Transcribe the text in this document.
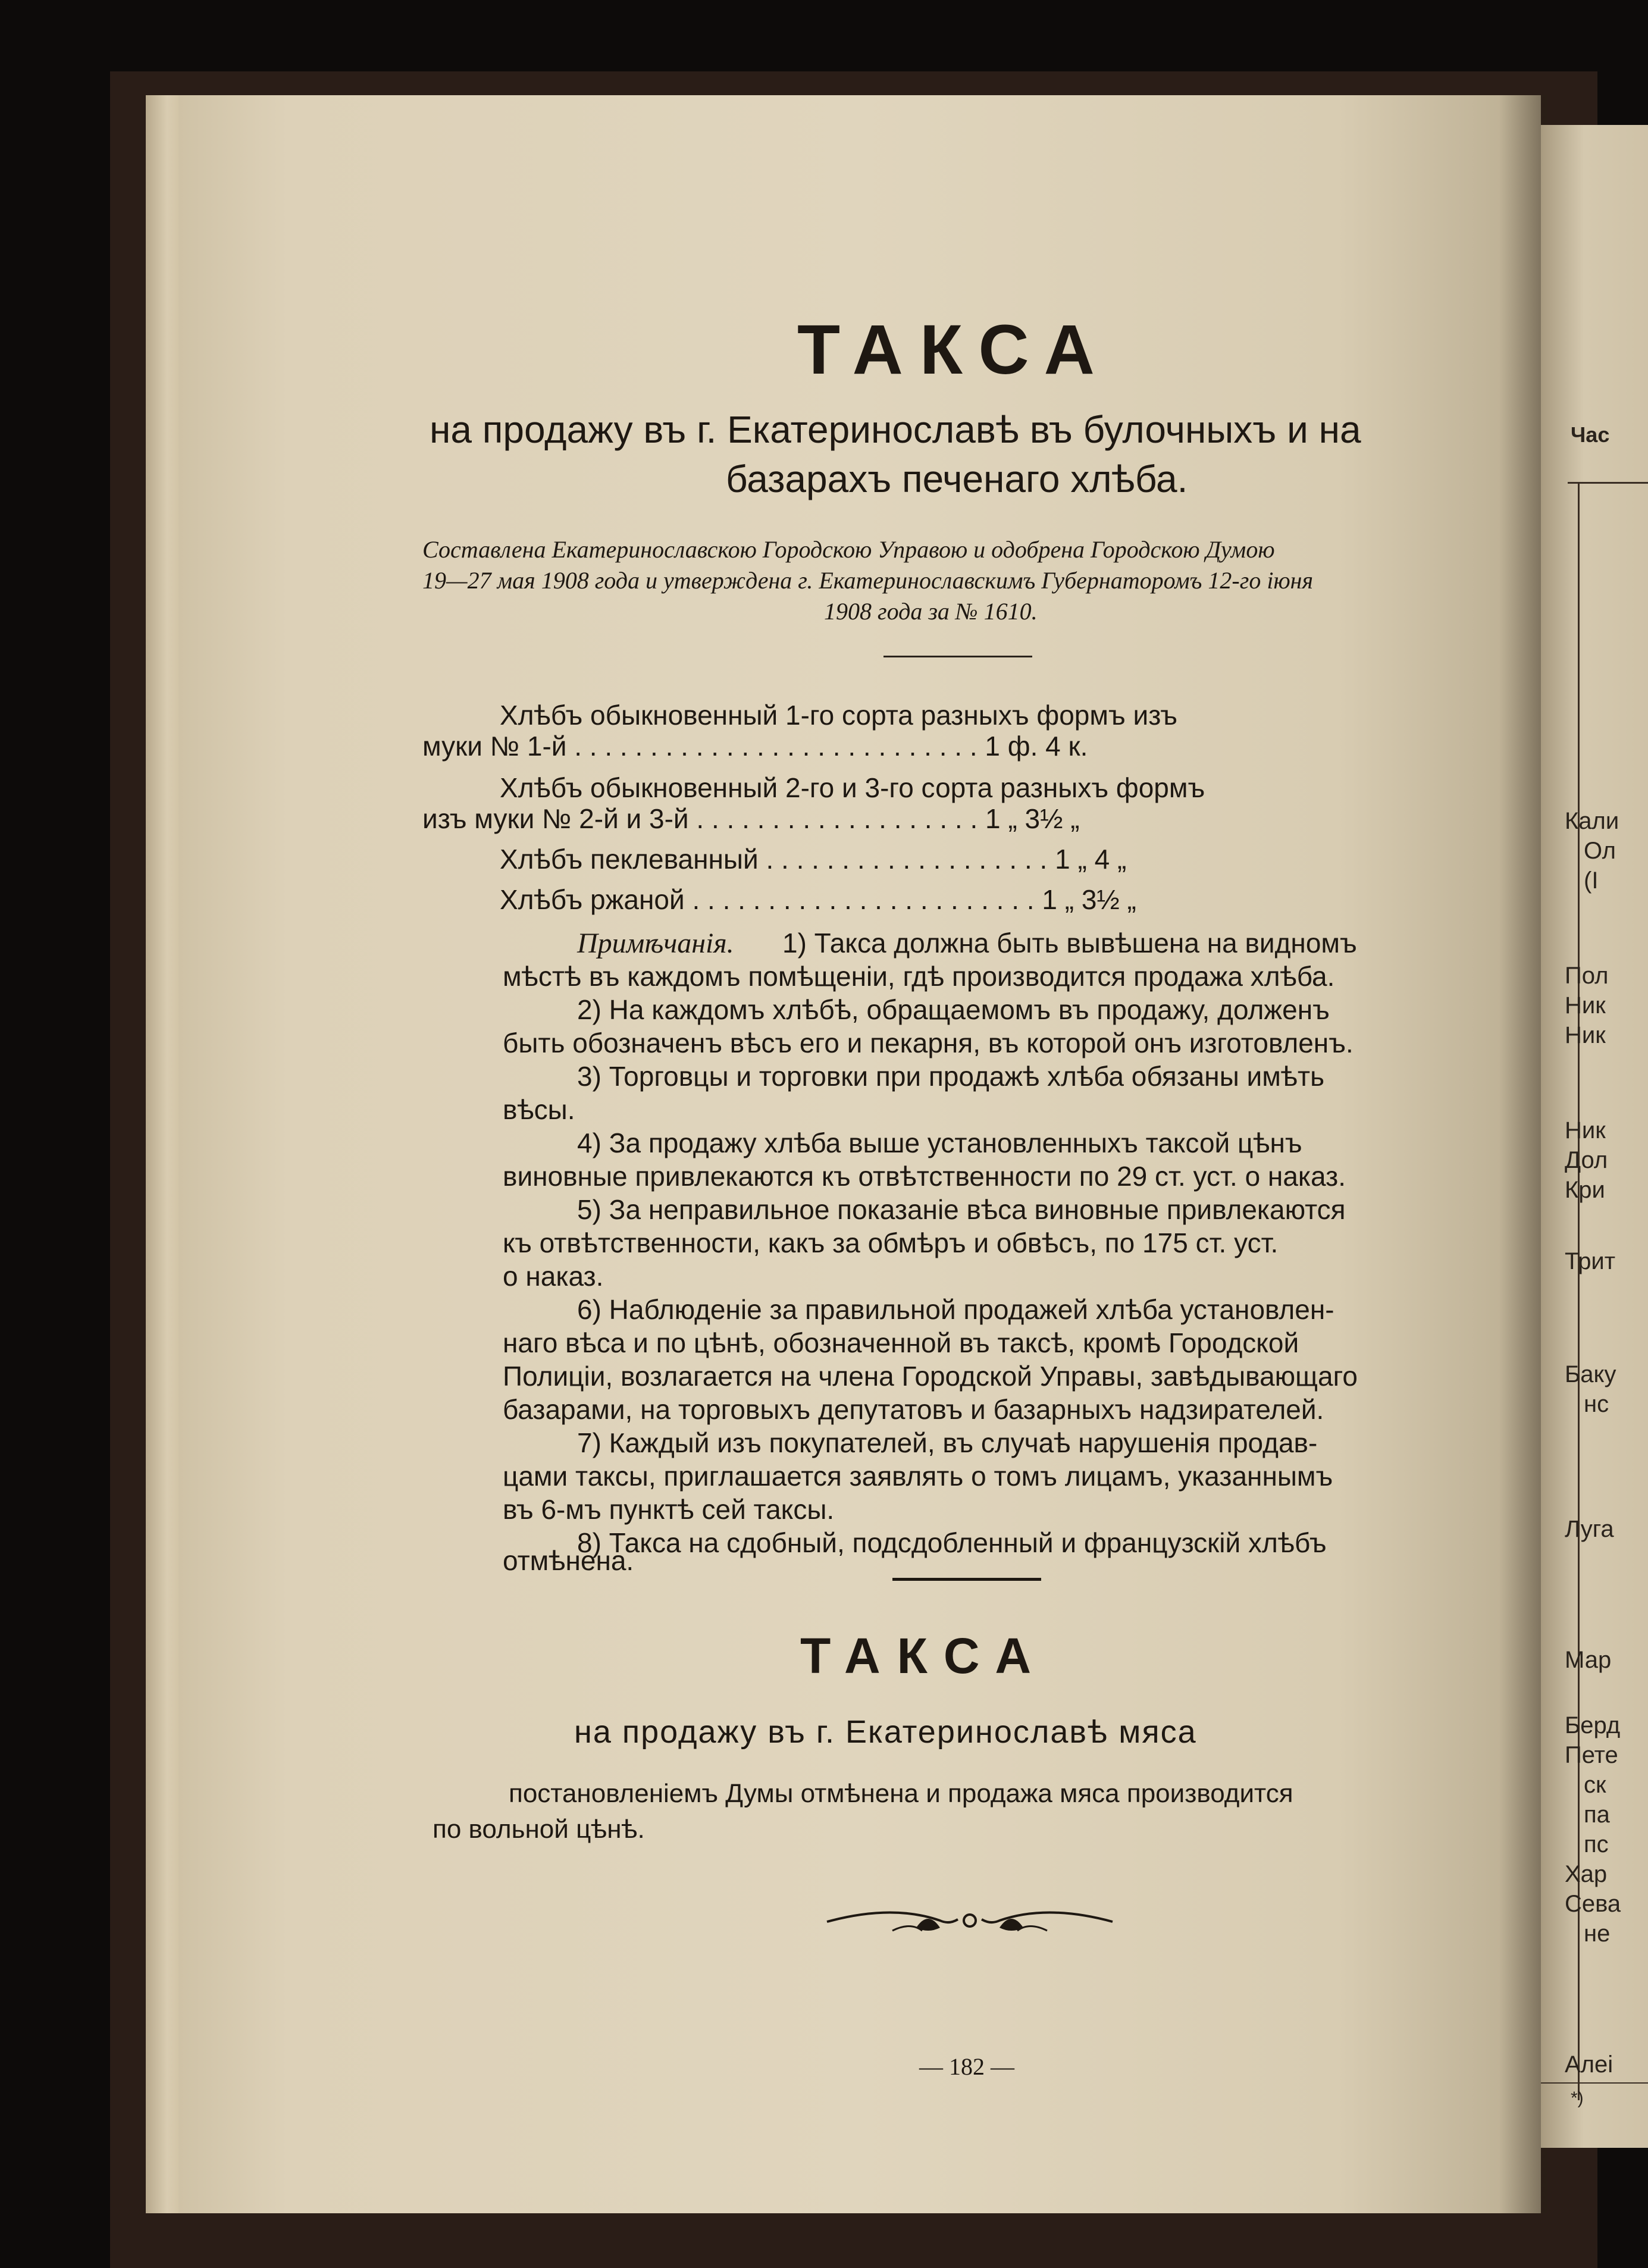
Час
Кали
Ол
(I
Пол
Ник
Ник
Ник
Дол
Кри
Трит
Баку
нс
Луга
Мар
Берд
Пете
ск
па
пс
Хар
Сева
не
Алеі
*)
ТАКСА
на продажу въ г. Екатеринославѣ въ булочныхъ и на
базарахъ печенаго хлѣба.
Составлена Екатеринославскою Городскою Управою и одобрена Городскою Думою
19—27 мая 1908 года и утверждена г. Екатеринославскимъ Губернаторомъ 12-го іюня
1908 года за № 1610.
Хлѣбъ обыкновенный 1-го сорта разныхъ формъ изъ
муки № 1-й . . . . . . . . . . . . . . . . . . . . . . . . . . . 1 ф. 4 к.
Хлѣбъ обыкновенный 2-го и 3-го сорта разныхъ формъ
изъ муки № 2-й и 3-й . . . . . . . . . . . . . . . . . . . 1 „ 3½ „
Хлѣбъ пеклеванный . . . . . . . . . . . . . . . . . . . 1 „ 4 „
Хлѣбъ ржаной . . . . . . . . . . . . . . . . . . . . . . . 1 „ 3½ „
Примѣчанія. 1) Такса должна быть вывѣшена на видномъ
мѣстѣ въ каждомъ помѣщеніи, гдѣ производится продажа хлѣба.
2) На каждомъ хлѣбѣ, обращаемомъ въ продажу, долженъ
быть обозначенъ вѣсъ его и пекарня, въ которой онъ изготовленъ.
3) Торговцы и торговки при продажѣ хлѣба обязаны имѣть
вѣсы.
4) За продажу хлѣба выше установленныхъ таксой цѣнъ
виновные привлекаются къ отвѣтственности по 29 ст. уст. о наказ.
5) За неправильное показаніе вѣса виновные привлекаются
къ отвѣтственности, какъ за обмѣръ и обвѣсъ, по 175 ст. уст.
о наказ.
6) Наблюденіе за правильной продажей хлѣба установлен-
наго вѣса и по цѣнѣ, обозначенной въ таксѣ, кромѣ Городской
Полиціи, возлагается на члена Городской Управы, завѣдывающаго
базарами, на торговыхъ депутатовъ и базарныхъ надзирателей.
7) Каждый изъ покупателей, въ случаѣ нарушенія продав-
цами таксы, приглашается заявлять о томъ лицамъ, указаннымъ
въ 6-мъ пунктѣ сей таксы.
8) Такса на сдобный, подсдобленный и французскій хлѣбъ
отмѣнена.
ТАКСА
на продажу въ г. Екатеринославѣ мяса
постановленіемъ Думы отмѣнена и продажа мяса производится
по вольной цѣнѣ.
— 182 —
